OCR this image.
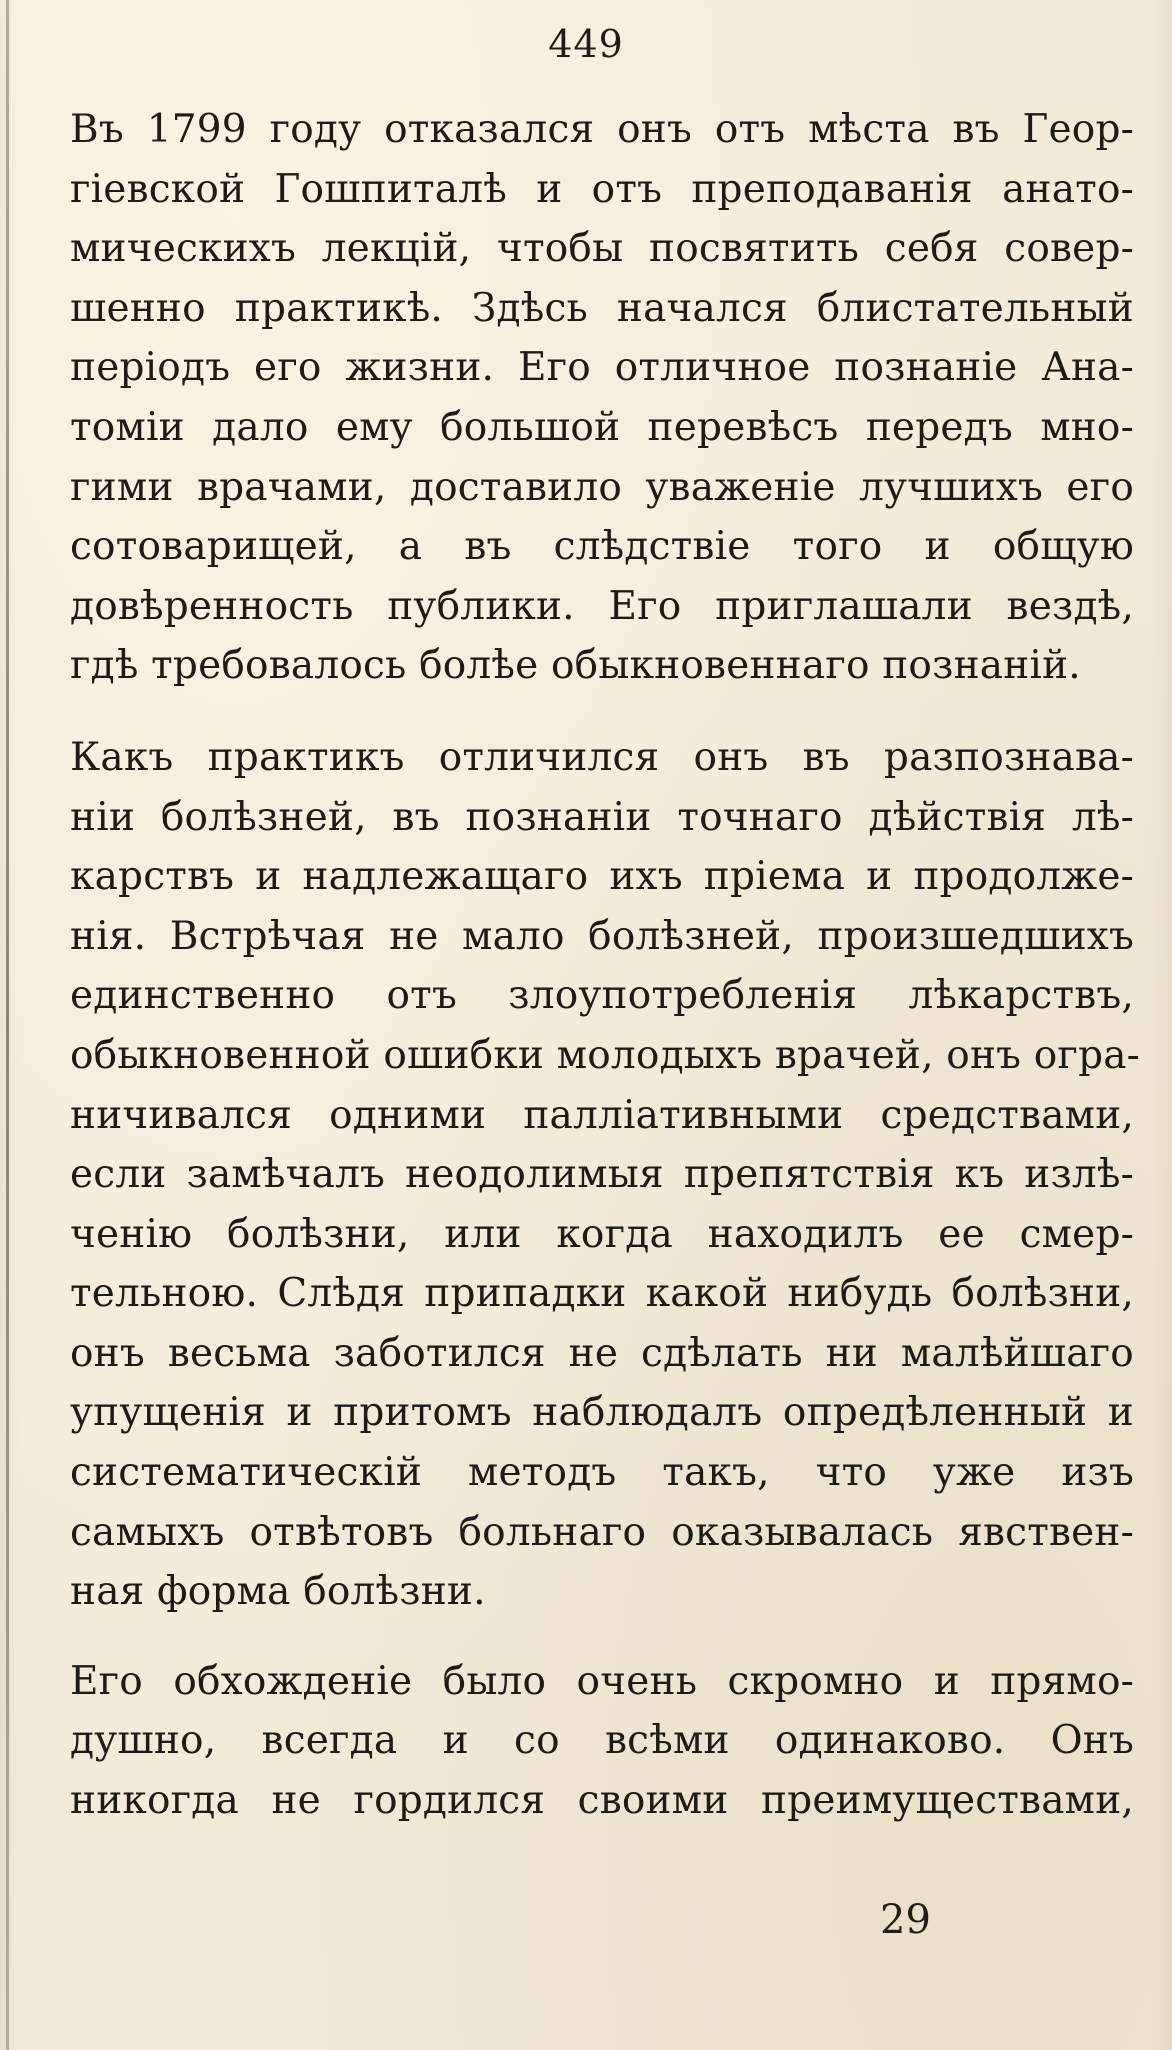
449
Въ 1799 году отказался онъ отъ мѣста въ Геор-
гіевской Гошпиталѣ и отъ преподаванія анато-
мическихъ лекцій, чтобы посвятить себя совер-
шенно практикѣ. Здѣсь начался блистательный
періодъ его жизни. Его отличное познаніе Ана-
томіи дало ему большой перевѣсъ передъ мно-
гими врачами, доставило уваженіе лучшихъ его
сотоварищей, а въ слѣдствіе того и общую
довѣренность публики. Его приглашали вездѣ,
гдѣ требовалось болѣе обыкновеннаго познаній.
Какъ практикъ отличился онъ въ разпознава-
ніи болѣзней, въ познаніи точнаго дѣйствія лѣ-
карствъ и надлежащаго ихъ пріема и продолже-
нія. Встрѣчая не мало болѣзней, произшедшихъ
единственно отъ злоупотребленія лѣкарствъ,
обыкновенной ошибки молодыхъ врачей, онъ огра-
ничивался одними палліативными средствами,
если замѣчалъ неодолимыя препятствія къ излѣ-
ченію болѣзни, или когда находилъ ее смер-
тельною. Слѣдя припадки какой нибудь болѣзни,
онъ весьма заботился не сдѣлать ни малѣйшаго
упущенія и притомъ наблюдалъ опредѣленный и
систематическій методъ такъ, что уже изъ
самыхъ отвѣтовъ больнаго оказывалась явствен-
ная форма болѣзни.
Его обхожденіе было очень скромно и прямо-
душно, всегда и со всѣми одинаково. Онъ
никогда не гордился своими преимуществами,
29
